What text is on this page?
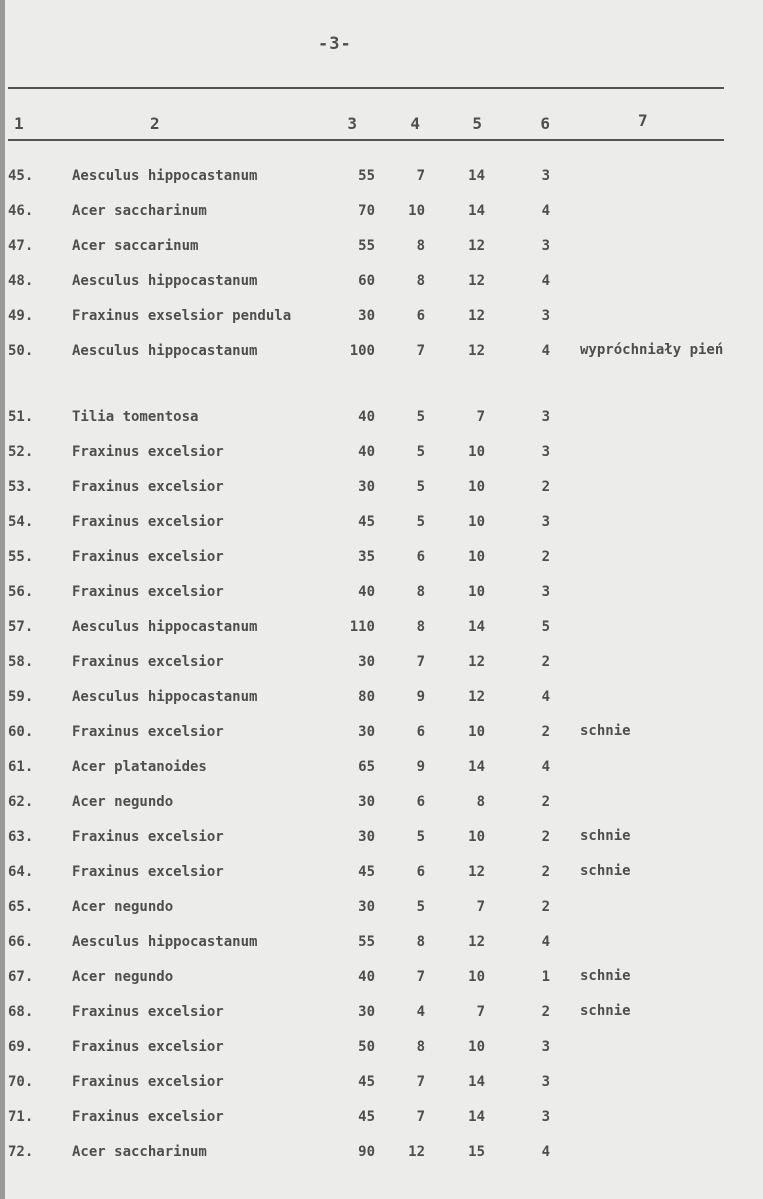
-3-
1	2	3	4	5	6	7
45.	Aesculus hippocastanum	55	7	14	3
46.	Acer saccharinum	70	10	14	4
47.	Acer saccarinum	55	8	12	3
48.	Aesculus hippocastanum	60	8	12	4
49.	Fraxinus exselsior pendula	30	6	12	3
50.	Aesculus hippocastanum	100	7	12	4 wypróchniały pień
51.	Tilia tomentosa	40	5	7	3
52.	Fraxinus excelsior	40	5	10	3
53.	Fraxinus excelsior	30	5	10	2
54.	Fraxinus excelsior	45	5	10	3
55.	Fraxinus excelsior	35	6	10	2
56.	Fraxinus excelsior	40	8	10	3
57.	Aesculus hippocastanum	110	8	14	5
58.	Fraxinus excelsior	30	7	12	2
59.	Aesculus hippocastanum	80	9	12	4
60.	Fraxinus excelsior	30	6	10	2 schnie
61.	Acer platanoides	65	9	14	4
62.	Acer negundo	30	6	8	2
63.	Fraxinus excelsior	30	5	10	2 schnie
64.	Fraxinus excelsior	45	6	12	2 schnie
65.	Acer negundo	30	5	7	2
66.	Aesculus hippocastanum	55	8	12	4
67.	Acer negundo	40	7	10	1 schnie
68.	Fraxinus excelsior	30	4	7	2 schnie
69.	Fraxinus excelsior	50	8	10	3
70.	Fraxinus excelsior	45	7	14	3
71.	Fraxinus excelsior	45	7	14	3
72.	Acer saccharinum	90	12	15	4
